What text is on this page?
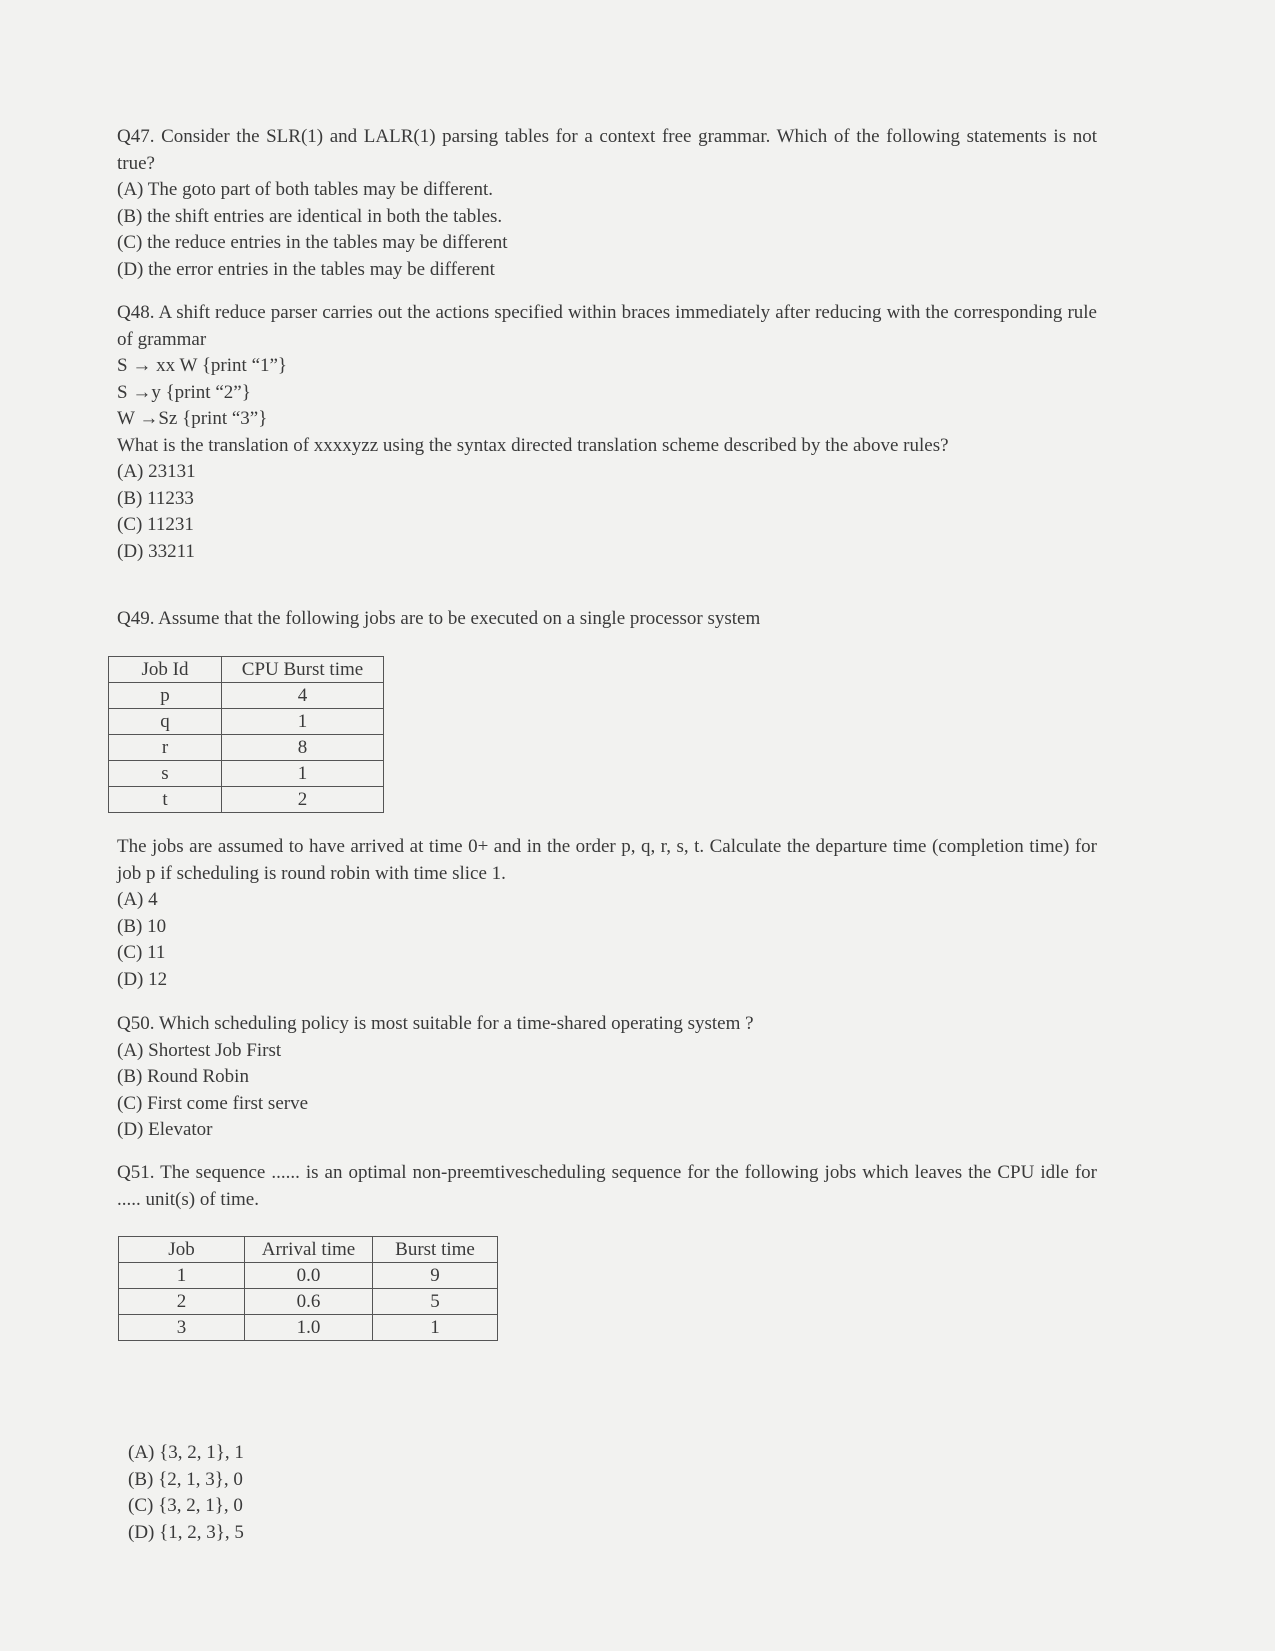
Q47. Consider the SLR(1) and LALR(1) parsing tables for a context free grammar. Which of the following statements is not true?

(A) The goto part of both tables may be different.

(B) the shift entries are identical in both the tables.

(C) the reduce entries in the tables may be different

(D) the error entries in the tables may be different

Q48. A shift reduce parser carries out the actions specified within braces immediately after reducing with the corresponding rule of grammar

S → xx W {print “1”}

S →y {print “2”}

W →Sz {print “3”}

What is the translation of xxxxyzz using the syntax directed translation scheme described by the above rules?

(A) 23131

(B) 11233

(C) 11231

(D) 33211

Q49. Assume that the following jobs are to be executed on a single processor system

Job Id	CPU Burst time
p	4
q	1
r	8
s	1
t	2

The jobs are assumed to have arrived at time 0+ and in the order p, q, r, s, t. Calculate the departure time (completion time) for job p if scheduling is round robin with time slice 1.

(A) 4

(B) 10

(C) 11

(D) 12

Q50. Which scheduling policy is most suitable for a time-shared operating system ?

(A) Shortest Job First

(B) Round Robin

(C) First come first serve

(D) Elevator

Q51. The sequence ...... is an optimal non-preemtivescheduling sequence for the following jobs which leaves the CPU idle for ..... unit(s) of time.

Job	Arrival time	Burst time
1	0.0	9
2	0.6	5
3	1.0	1

(A) {3, 2, 1}, 1

(B) {2, 1, 3}, 0

(C) {3, 2, 1}, 0

(D) {1, 2, 3}, 5
